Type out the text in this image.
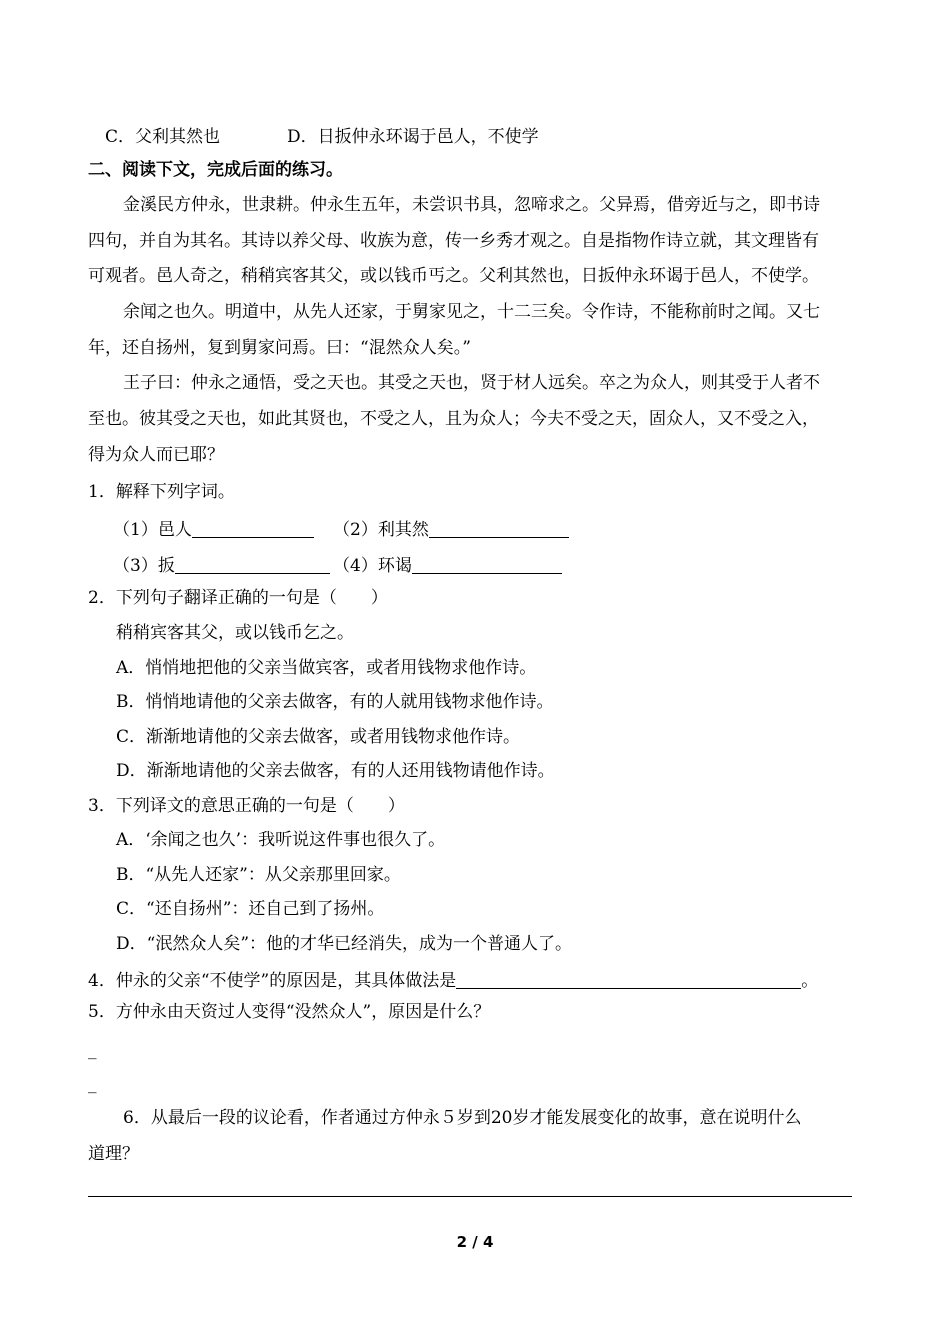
C．父利其然也	D．日扳仲永环谒于邑人，不使学
二、阅读下文，完成后面的练习。
金溪民方仲永，世隶耕。仲永生五年，未尝识书具，忽啼求之。父异焉，借旁近与之，即书诗
四句，并自为其名。其诗以养父母、收族为意，传一乡秀才观之。自是指物作诗立就，其文理皆有
可观者。邑人奇之，稍稍宾客其父，或以钱币丐之。父利其然也，日扳仲永环谒于邑人，不使学。
余闻之也久。明道中，从先人还家，于舅家见之，十二三矣。令作诗，不能称前时之闻。又七
年，还自扬州，复到舅家问焉。曰：“混然众人矣。”
王子曰：仲永之通悟，受之天也。其受之天也，贤于材人远矣。卒之为众人，则其受于人者不
至也。彼其受之天也，如此其贤也，不受之人，且为众人；今夫不受之天，固众人，又不受之入，
得为众人而已耶？
1．解释下列字词。
（1）邑人	（2）利其然
（3）扳	（4）环谒
2．下列句子翻译正确的一句是（　　）
稍稍宾客其父，或以钱币乞之。
A．悄悄地把他的父亲当做宾客，或者用钱物求他作诗。
B．悄悄地请他的父亲去做客，有的人就用钱物求他作诗。
C．渐渐地请他的父亲去做客，或者用钱物求他作诗。
D．渐渐地请他的父亲去做客，有的人还用钱物请他作诗。
3．下列译文的意思正确的一句是（　　）
A．‘余闻之也久’：我听说这件事也很久了。
B．“从先人还家”：从父亲那里回家。
C．“还自扬州”：还自己到了扬州。
D．“泯然众人矣”：他的才华已经消失，成为一个普通人了。
4．仲永的父亲“不使学”的原因是，其具体做法是	。
5．方仲永由天资过人变得“没然众人”，原因是什么？
_
_
6．从最后一段的议论看，作者通过方仲永５岁到20岁才能发展变化的故事，意在说明什么
道理？
2 / 4
